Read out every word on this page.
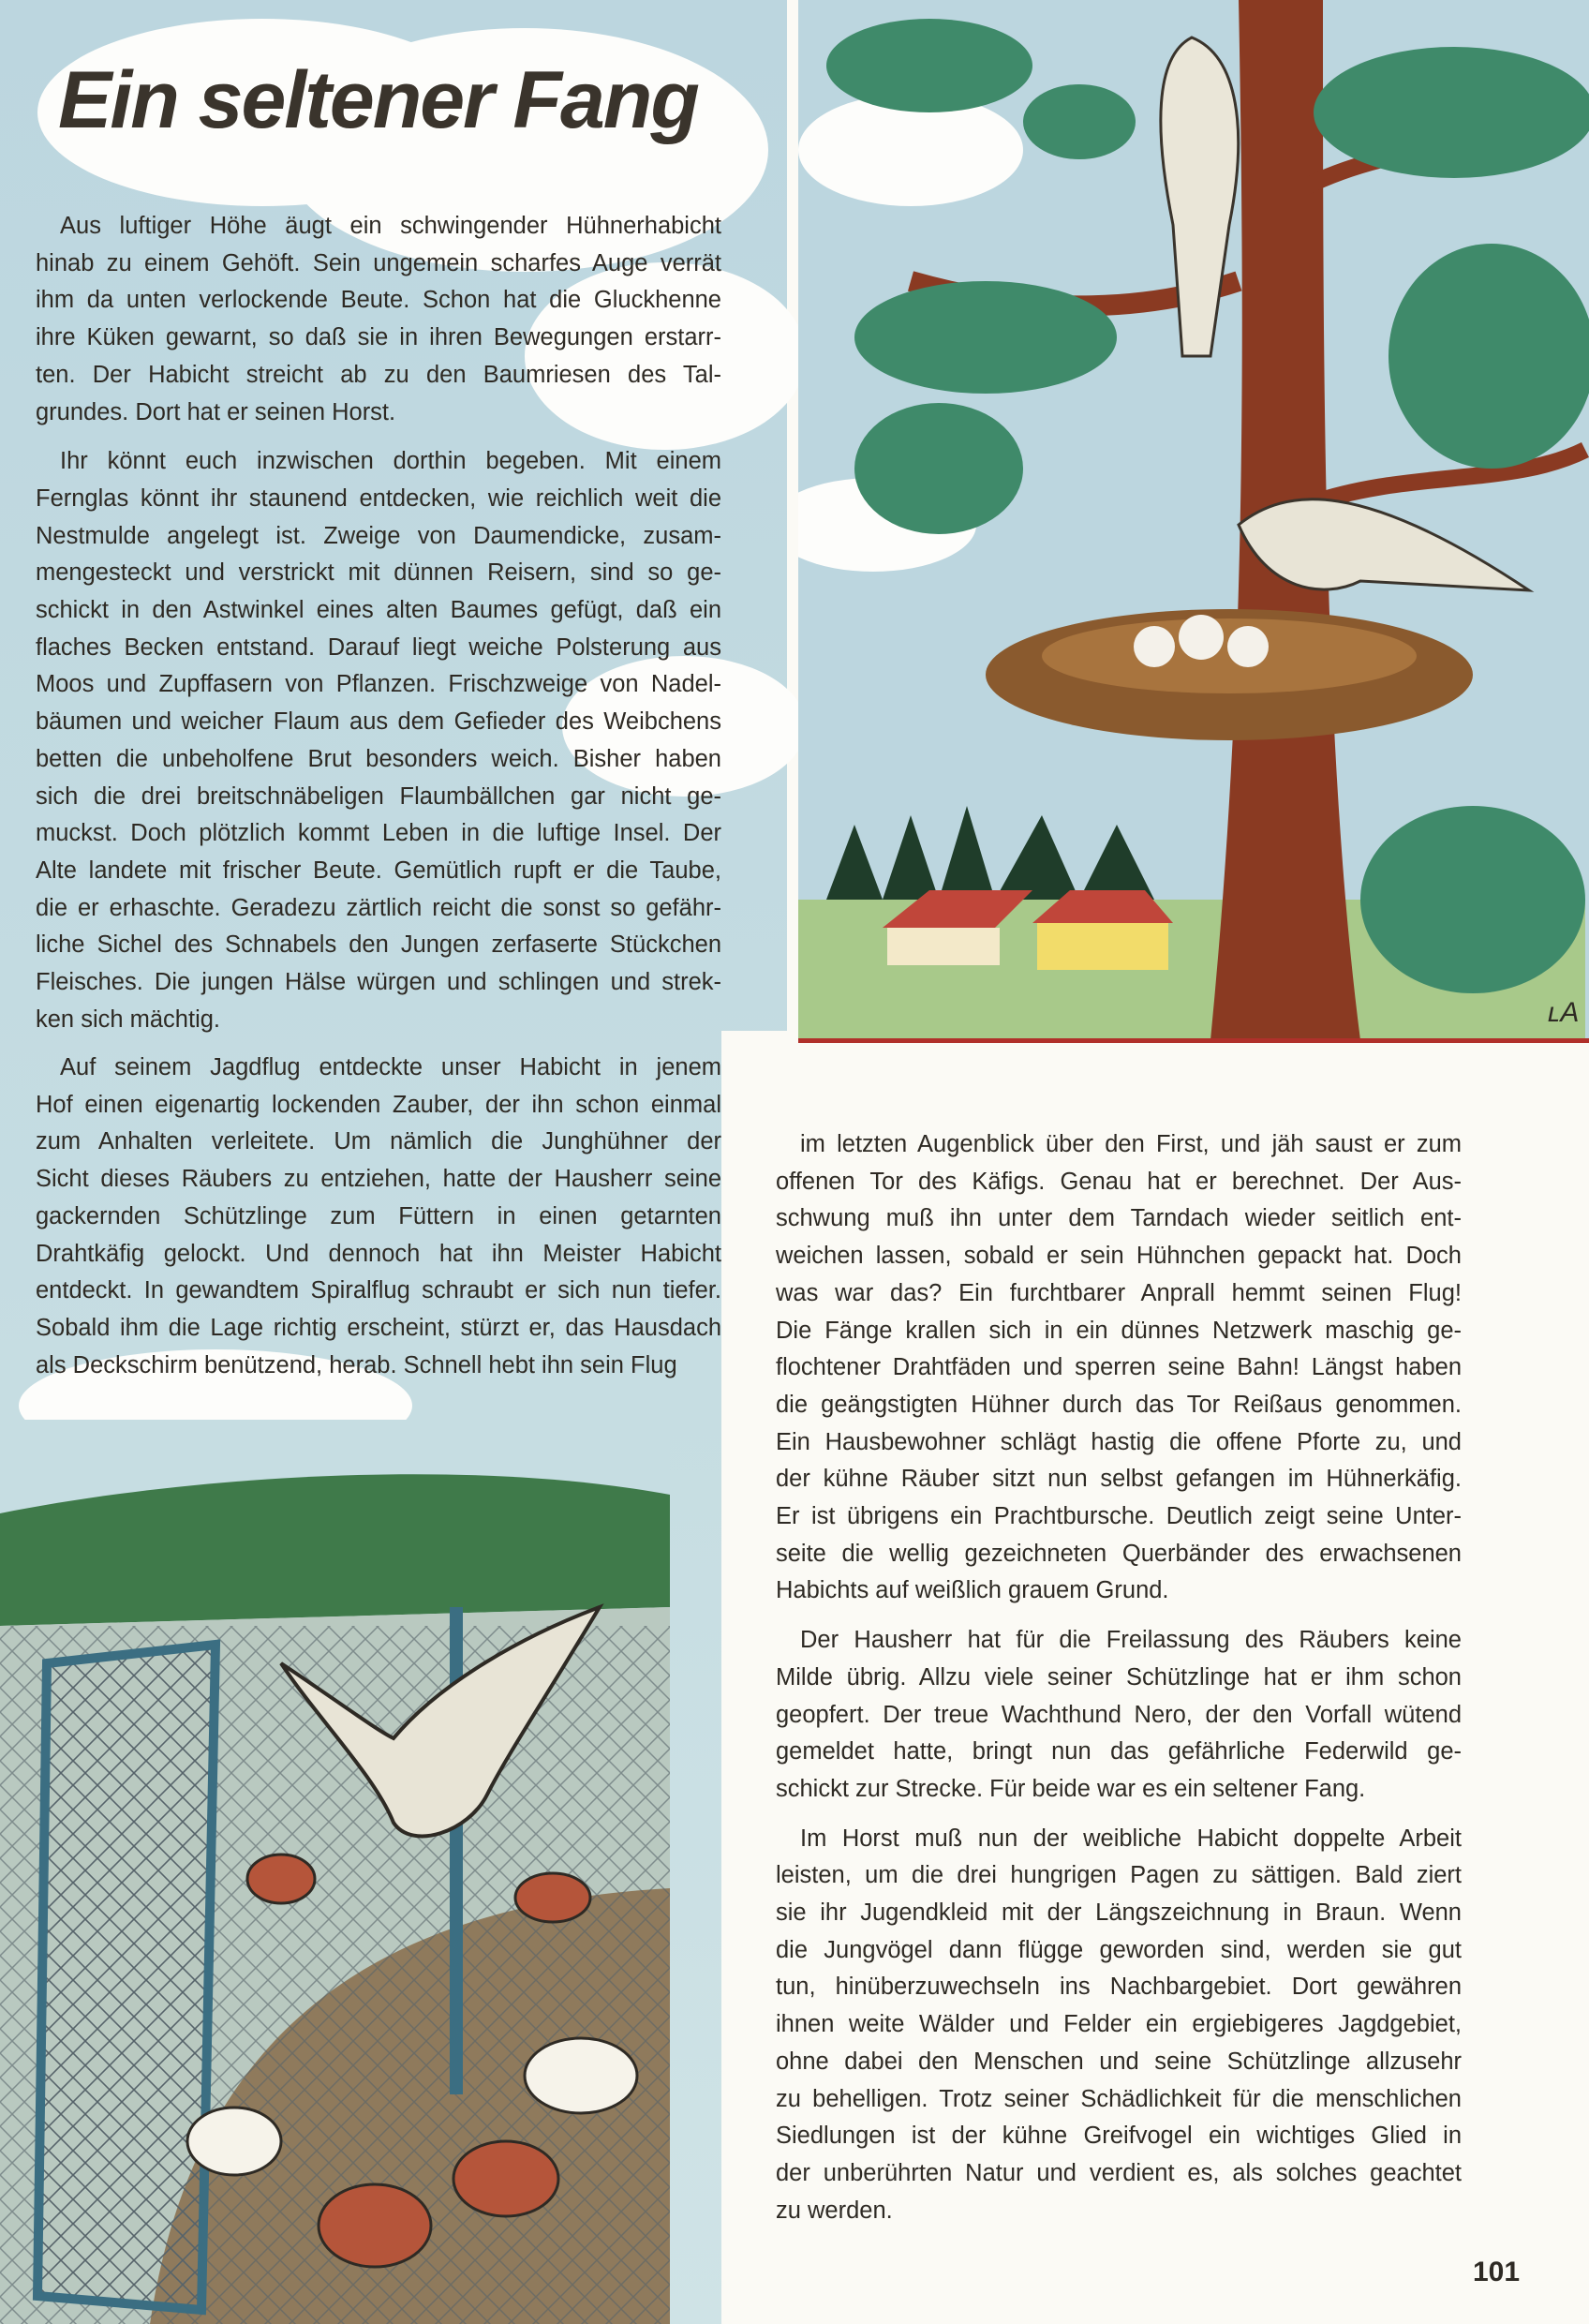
ʟA
Ein seltener Fang
Aus luftiger Höhe äugt ein schwingender Hühnerhabicht
hinab zu einem Gehöft. Sein ungemein scharfes Auge verrät
ihm da unten verlockende Beute. Schon hat die Gluckhenne
ihre Küken gewarnt, so daß sie in ihren Bewegungen erstarr-
ten. Der Habicht streicht ab zu den Baumriesen des Tal-
grundes. Dort hat er seinen Horst.
Ihr könnt euch inzwischen dorthin begeben. Mit einem
Fernglas könnt ihr staunend entdecken, wie reichlich weit die
Nestmulde angelegt ist. Zweige von Daumendicke, zusam-
mengesteckt und verstrickt mit dünnen Reisern, sind so ge-
schickt in den Astwinkel eines alten Baumes gefügt, daß ein
flaches Becken entstand. Darauf liegt weiche Polsterung aus
Moos und Zupffasern von Pflanzen. Frischzweige von Nadel-
bäumen und weicher Flaum aus dem Gefieder des Weibchens
betten die unbeholfene Brut besonders weich. Bisher haben
sich die drei breitschnäbeligen Flaumbällchen gar nicht ge-
muckst. Doch plötzlich kommt Leben in die luftige Insel. Der
Alte landete mit frischer Beute. Gemütlich rupft er die Taube,
die er erhaschte. Geradezu zärtlich reicht die sonst so gefähr-
liche Sichel des Schnabels den Jungen zerfaserte Stückchen
Fleisches. Die jungen Hälse würgen und schlingen und strek-
ken sich mächtig.
Auf seinem Jagdflug entdeckte unser Habicht in jenem
Hof einen eigenartig lockenden Zauber, der ihn schon einmal
zum Anhalten verleitete. Um nämlich die Junghühner der
Sicht dieses Räubers zu entziehen, hatte der Hausherr seine
gackernden Schützlinge zum Füttern in einen getarnten
Drahtkäfig gelockt. Und dennoch hat ihn Meister Habicht
entdeckt. In gewandtem Spiralflug schraubt er sich nun tiefer.
Sobald ihm die Lage richtig erscheint, stürzt er, das Hausdach
als Deckschirm benützend, herab. Schnell hebt ihn sein Flug
im letzten Augenblick über den First, und jäh saust er zum
offenen Tor des Käfigs. Genau hat er berechnet. Der Aus-
schwung muß ihn unter dem Tarndach wieder seitlich ent-
weichen lassen, sobald er sein Hühnchen gepackt hat. Doch
was war das? Ein furchtbarer Anprall hemmt seinen Flug!
Die Fänge krallen sich in ein dünnes Netzwerk maschig ge-
flochtener Drahtfäden und sperren seine Bahn! Längst haben
die geängstigten Hühner durch das Tor Reißaus genommen.
Ein Hausbewohner schlägt hastig die offene Pforte zu, und
der kühne Räuber sitzt nun selbst gefangen im Hühnerkäfig.
Er ist übrigens ein Prachtbursche. Deutlich zeigt seine Unter-
seite die wellig gezeichneten Querbänder des erwachsenen
Habichts auf weißlich grauem Grund.
Der Hausherr hat für die Freilassung des Räubers keine
Milde übrig. Allzu viele seiner Schützlinge hat er ihm schon
geopfert. Der treue Wachthund Nero, der den Vorfall wütend
gemeldet hatte, bringt nun das gefährliche Federwild ge-
schickt zur Strecke. Für beide war es ein seltener Fang.
Im Horst muß nun der weibliche Habicht doppelte Arbeit
leisten, um die drei hungrigen Pagen zu sättigen. Bald ziert
sie ihr Jugendkleid mit der Längszeichnung in Braun. Wenn
die Jungvögel dann flügge geworden sind, werden sie gut
tun, hinüberzuwechseln ins Nachbargebiet. Dort gewähren
ihnen weite Wälder und Felder ein ergiebigeres Jagdgebiet,
ohne dabei den Menschen und seine Schützlinge allzusehr
zu behelligen. Trotz seiner Schädlichkeit für die menschlichen
Siedlungen ist der kühne Greifvogel ein wichtiges Glied in
der unberührten Natur und verdient es, als solches geachtet
zu werden.
101
